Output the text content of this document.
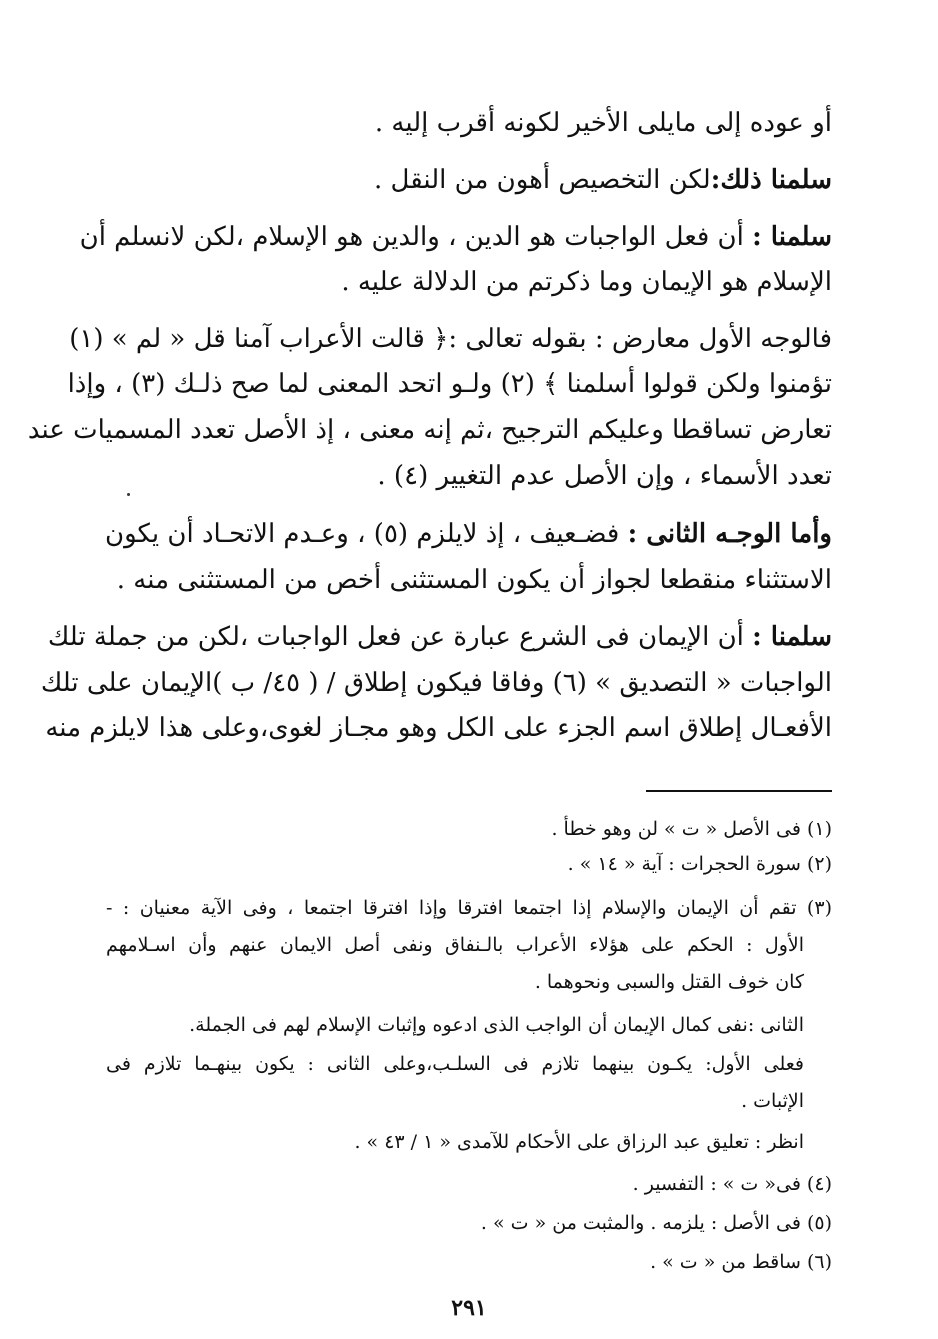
أو عوده إلى مايلى الأخير لكونه أقرب إليه .
سلمنا ذلك:لكن التخصيص أهون من النقل .
سلمنا : أن فعل الواجبات هو الدين ، والدين هو الإسلام ،لكن لانسلم أن
الإسلام هو الإيمان وما ذكرتم من الدلالة عليه .
فالوجه الأول معارض : بقوله تعالى :﴿ قالت الأعراب آمنا قل « لم » (١)
تؤمنوا ولكن قولوا أسلمنا ﴾ (٢) ولـو اتحد المعنى لما صح ذلـك (٣) ، وإذا
تعارض تساقطا وعليكم الترجيح ،ثم إنه معنى ، إذ الأصل تعدد المسميات عند
تعدد الأسماء ، وإن الأصل عدم التغيير (٤) .
وأما الوجـه الثانى : فضـعيف ، إذ لايلزم (٥) ، وعـدم الاتحـاد أن يكون
الاستثناء منقطعا لجواز أن يكون المستثنى أخص من المستثنى منه .
سلمنا : أن الإيمان فى الشرع عبارة عن فعل الواجبات ،لكن من جملة تلك
الواجبات « التصديق » (٦) وفاقا فيكون إطلاق / ( ٤٥/ ب )الإيمان على تلك
الأفعـال إطلاق اسم الجزء على الكل وهو مجـاز لغوى،وعلى هذا لايلزم منه
(١) فى الأصل « ت » لن وهو خطأ .
(٢) سورة الحجرات : آية « ١٤ » .
(٣) تقم أن الإيمان والإسلام إذا اجتمعا افترقا وإذا افترقا اجتمعا ، وفى الآية معنيان : -
الأول : الحكم على هؤلاء الأعراب بالـنفاق ونفى أصل الايمان عنهم وأن اسـلامهم
كان خوف القتل والسبى ونحوهما .
الثانى :نفى كمال الإيمان أن الواجب الذى ادعوه وإثبات الإسلام لهم فى الجملة.
فعلى الأول: يكـون بينهما تلازم فى السلـب،وعلى الثانى : يكون بينهـما تلازم فى
الإثبات .
انظر : تعليق عبد الرزاق على الأحكام للآمدى « ١ / ٤٣ » .
(٤) فى« ت » : التفسير .
(٥) فى الأصل : يلزمه . والمثبت من « ت » .
(٦) ساقط من « ت » .
٢٩١
